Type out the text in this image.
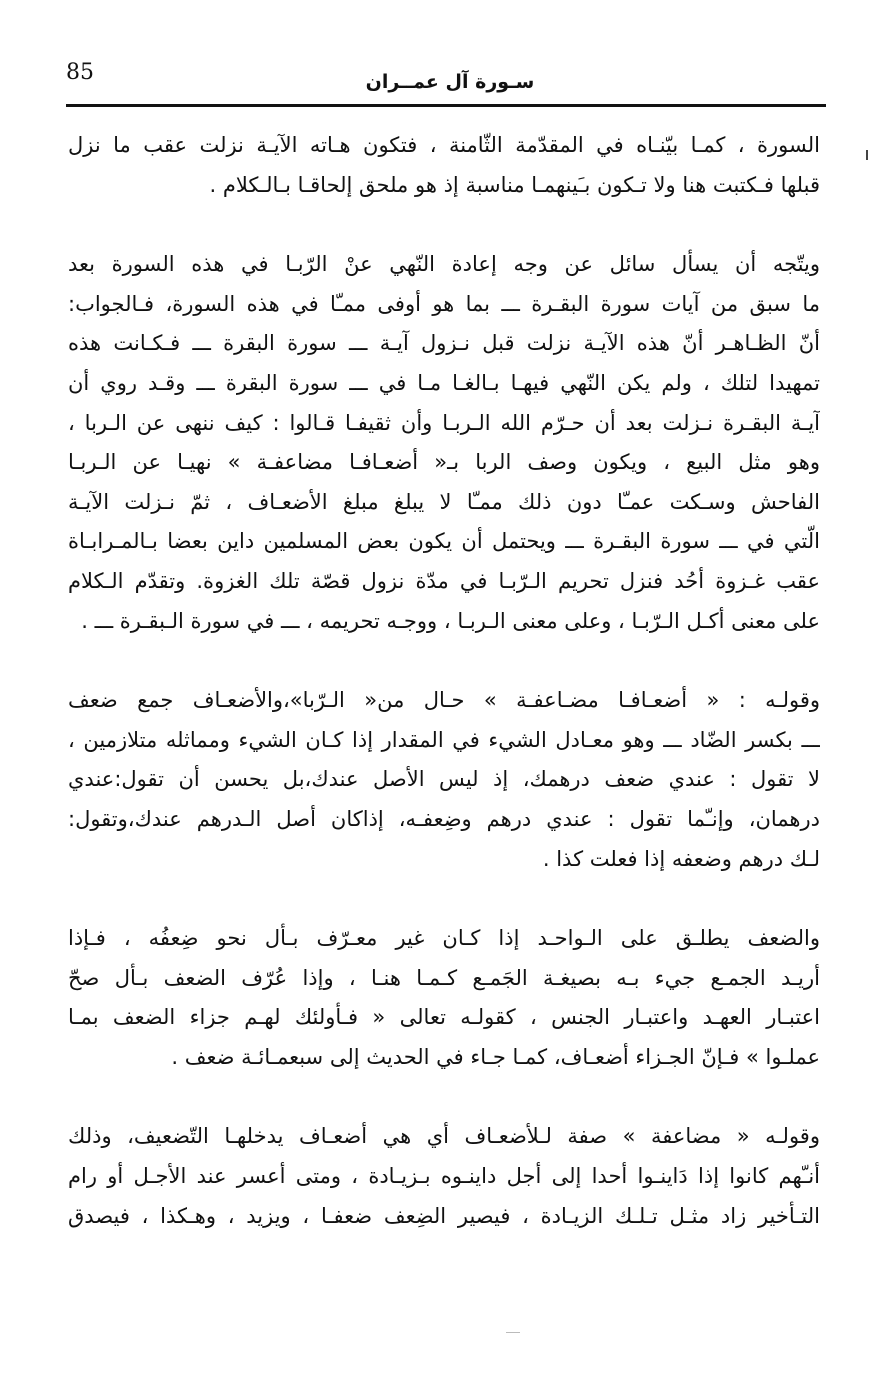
85	سـورة آل عمــران
السورة ، كمـا بيّنـاه في المقدّمة الثّامنة ، فتكون هـاته الآيـة نزلت عقب ما نزل
قبلها فـكتبت هنا ولا تـكون بـَينهمـا مناسبة إذ هو ملحق إلحاقـا بـالـكلام .
ويتّجه أن يسأل سائل عن وجه إعادة النّهي عنْ الرّبـا في هذه السورة بعد
ما سبق من آيات سورة البقـرة ـــ بما هو أوفى ممـّا في هذه السورة، فـالجواب:
أنّ الظـاهـر أنّ هذه الآيـة نزلت قبل نـزول آيـة ـــ سورة البقرة ـــ فـكـانت هذه
تمهيدا لتلك ، ولم يكن النّهي فيهـا بـالغـا مـا في ـــ سورة البقرة ـــ وقـد روي أن
آيـة البقـرة نـزلت بعد أن حـرّم الله الـربـا وأن ثقيفـا قـالوا : كيف ننهى عن الـربا ،
وهو مثل البيع ، ويكون وصف الربا بـ« أضعـافـا مضاعفـة » نهيـا عن الـربـا
الفاحش وسـكت عمـّا دون ذلك ممـّا لا يبلغ مبلغ الأضعـاف ، ثمّ نـزلت الآيـة
الّتي في ـــ سورة البقـرة ـــ ويحتمل أن يكون بعض المسلمين داين بعضا بـالمـرابـاة
عقب غـزوة أحُد فنزل تحريم الـرّبـا في مدّة نزول قصّة تلك الغزوة. وتقدّم الـكلام
على معنى أكـل الـرّبـا ، وعلى معنى الـربـا ، ووجـه تحريمه ، ـــ في سورة الـبقـرة ـــ .
وقولـه : « أضعـافـا مضـاعفـة » حـال من« الـرّبا»،والأضعـاف جمع ضعف
ـــ بكسر الضّاد ـــ وهو معـادل الشيء في المقدار إذا كـان الشيء ومماثله متلازمين ،
لا تقول : عندي ضعف درهمك، إذ ليس الأصل عندك،بل يحسن أن تقول:عندي
درهمان، وإنـّما تقول : عندي درهم وضِعفـه، إذاكان أصل الـدرهم عندك،وتقول:
لـك درهم وضعفه إذا فعلت كذا .
والضعف يطلـق على الـواحـد إذا كـان غير معـرّف بـأل نحو ضِعفُه ، فـإذا
أريـد الجمـع جيء بـه بصيغـة الجَمـع كـمـا هنـا ، وإذا عُرّف الضعف بـأل صحّ
اعتبـار العهـد واعتبـار الجنس ، كقولـه تعالى « فـأولئك لهـم جزاء الضعف بمـا
عملـوا » فـإنّ الجـزاء أضعـاف، كمـا جـاء في الحديث إلى سبعمـائـة ضعف .
وقولـه « مضاعفة » صفة لـلأضعـاف أي هي أضعـاف يدخلهـا التّضعيف، وذلك
أنـّهم كانوا إذا دَاينـوا أحدا إلى أجل داينـوه بـزيـادة ، ومتى أعسر عند الأجـل أو رام
التـأخير زاد مثـل تـلـك الزيـادة ، فيصير الضِعف ضعفـا ، ويزيد ، وهـكذا ، فيصدق
